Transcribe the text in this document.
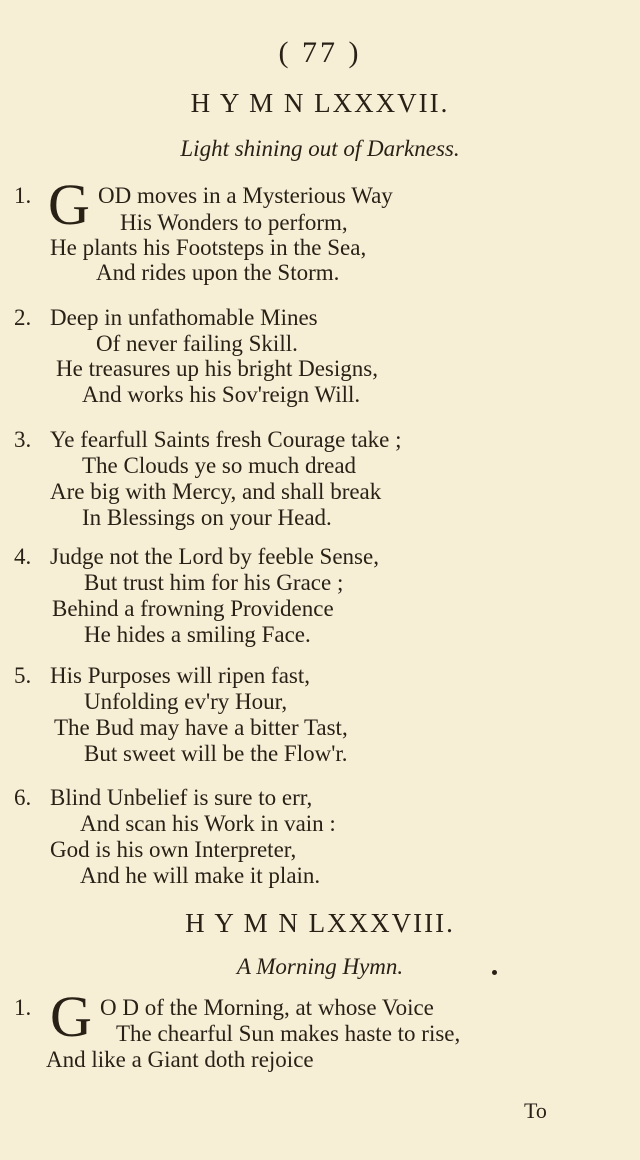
( 77 )
H Y M N LXXXVII.
Light shining out of Darkness.
1. G OD moves in a Mysterious Way
His Wonders to perform,
He plants his Footsteps in the Sea,
And rides upon the Storm.
2. Deep in unfathomable Mines
Of never failing Skill.
He treasures up his bright Designs,
And works his Sov'reign Will.
3. Ye fearfull Saints fresh Courage take ;
The Clouds ye so much dread
Are big with Mercy, and shall break
In Blessings on your Head.
4. Judge not the Lord by feeble Sense,
But trust him for his Grace ;
Behind a frowning Providence
He hides a smiling Face.
5. His Purposes will ripen fast,
Unfolding ev'ry Hour,
The Bud may have a bitter Tast,
But sweet will be the Flow'r.
6. Blind Unbelief is sure to err,
And scan his Work in vain :
God is his own Interpreter,
And he will make it plain.
H Y M N LXXXVIII.
A Morning Hymn.
1. G O D of the Morning, at whose Voice
The chearful Sun makes haste to rise,
And like a Giant doth rejoice
To
